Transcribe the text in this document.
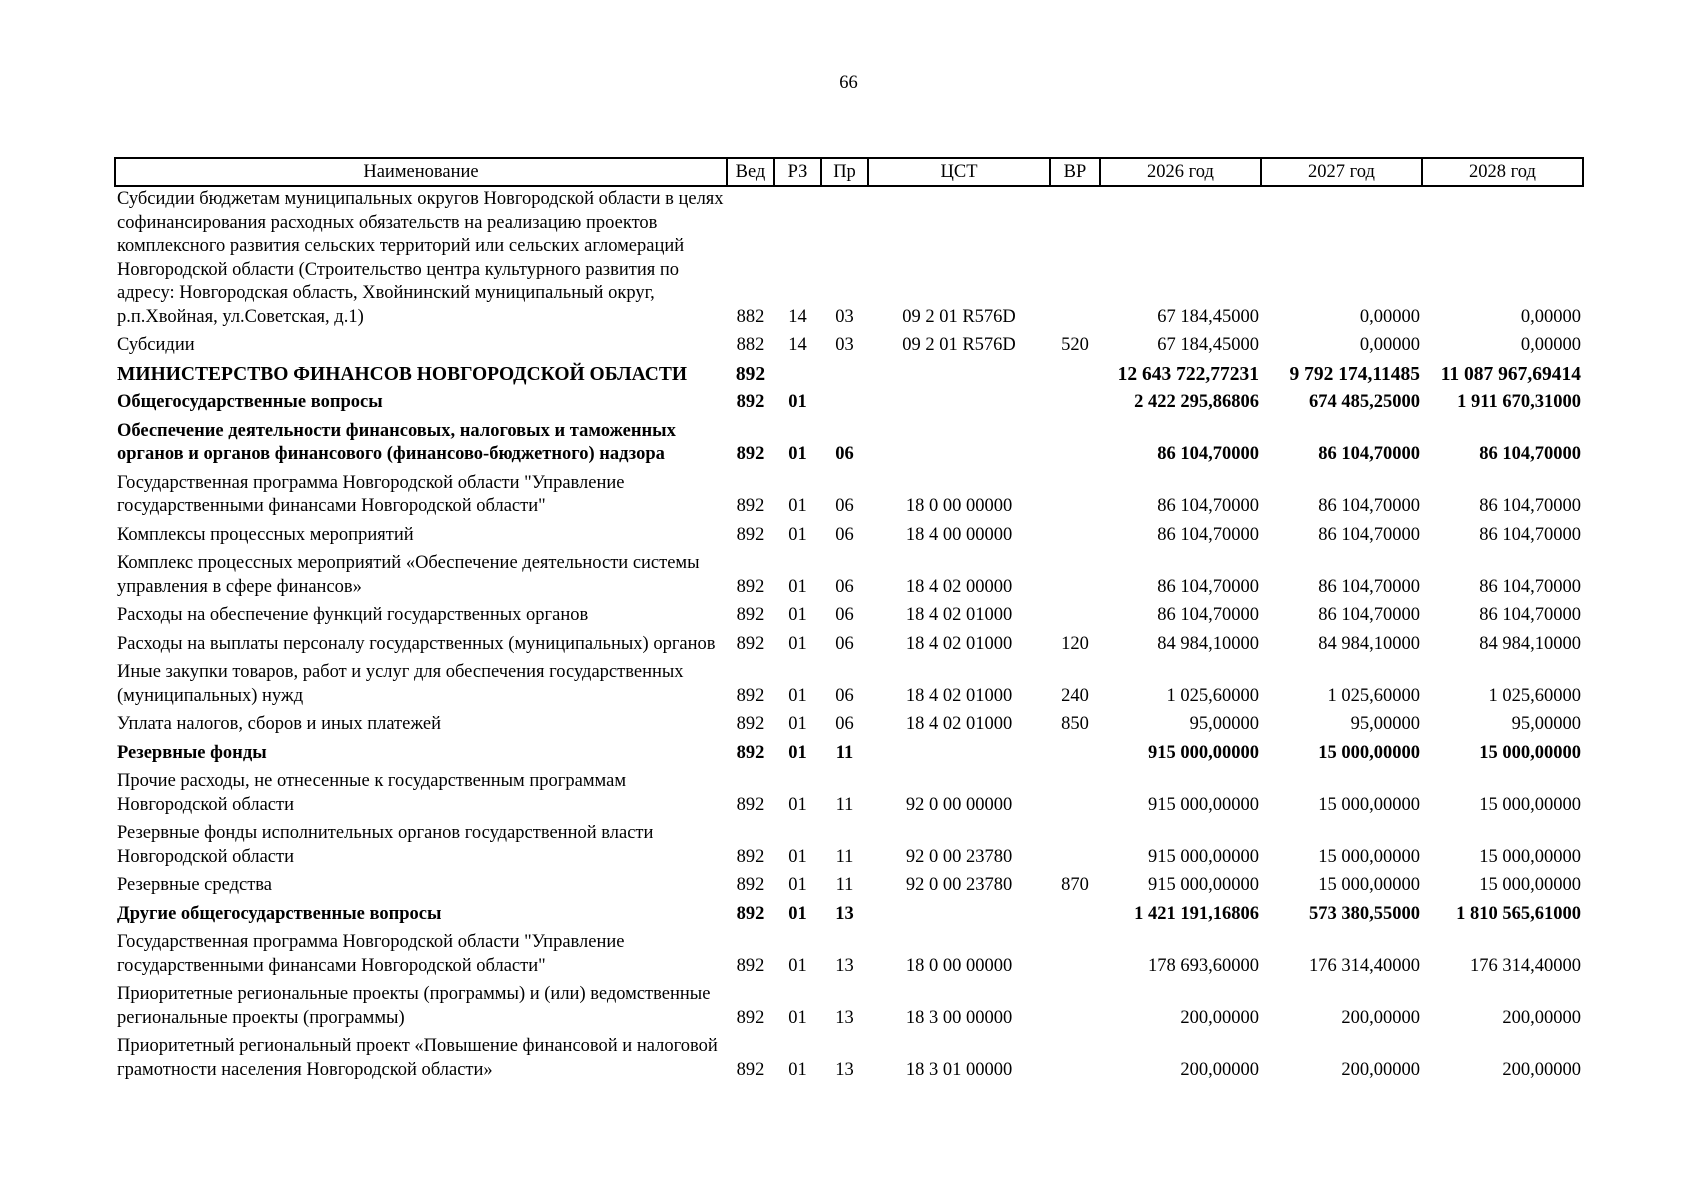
66
Наименование	Вед	РЗ	Пр	ЦСТ	ВР	2026 год	2027 год	2028 год
Субсидии бюджетам муниципальных округов Новгородской области в целях софинансирования расходных обязательств на реализацию проектов комплексного развития сельских территорий или сельских агломераций Новгородской области (Строительство центра культурного развития по адресу: Новгородская область, Хвойнинский муниципальный округ, р.п.Хвойная, ул.Советская, д.1)	882	14	03	09 2 01 R576D		67 184,45000	0,00000	0,00000
Субсидии	882	14	03	09 2 01 R576D	520	67 184,45000	0,00000	0,00000
МИНИСТЕРСТВО ФИНАНСОВ НОВГОРОДСКОЙ ОБЛАСТИ	892					12 643 722,77231	9 792 174,11485	11 087 967,69414
Общегосударственные вопросы	892	01				2 422 295,86806	674 485,25000	1 911 670,31000
Обеспечение деятельности финансовых, налоговых и таможенных органов и органов финансового (финансово-бюджетного) надзора	892	01	06			86 104,70000	86 104,70000	86 104,70000
Государственная программа Новгородской области "Управление государственными финансами Новгородской области"	892	01	06	18 0 00 00000		86 104,70000	86 104,70000	86 104,70000
Комплексы процессных мероприятий	892	01	06	18 4 00 00000		86 104,70000	86 104,70000	86 104,70000
Комплекс процессных мероприятий «Обеспечение деятельности системы управления в сфере финансов»	892	01	06	18 4 02 00000		86 104,70000	86 104,70000	86 104,70000
Расходы на обеспечение функций государственных органов	892	01	06	18 4 02 01000		86 104,70000	86 104,70000	86 104,70000
Расходы на выплаты персоналу государственных (муниципальных) органов	892	01	06	18 4 02 01000	120	84 984,10000	84 984,10000	84 984,10000
Иные закупки товаров, работ и услуг для обеспечения государственных (муниципальных) нужд	892	01	06	18 4 02 01000	240	1 025,60000	1 025,60000	1 025,60000
Уплата налогов, сборов и иных платежей	892	01	06	18 4 02 01000	850	95,00000	95,00000	95,00000
Резервные фонды	892	01	11			915 000,00000	15 000,00000	15 000,00000
Прочие расходы, не отнесенные к государственным программам Новгородской области	892	01	11	92 0 00 00000		915 000,00000	15 000,00000	15 000,00000
Резервные фонды исполнительных органов государственной власти Новгородской области	892	01	11	92 0 00 23780		915 000,00000	15 000,00000	15 000,00000
Резервные средства	892	01	11	92 0 00 23780	870	915 000,00000	15 000,00000	15 000,00000
Другие общегосударственные вопросы	892	01	13			1 421 191,16806	573 380,55000	1 810 565,61000
Государственная программа Новгородской области "Управление государственными финансами Новгородской области"	892	01	13	18 0 00 00000		178 693,60000	176 314,40000	176 314,40000
Приоритетные региональные проекты (программы) и (или) ведомственные региональные проекты (программы)	892	01	13	18 3 00 00000		200,00000	200,00000	200,00000
Приоритетный региональный проект «Повышение финансовой и налоговой грамотности населения Новгородской области»	892	01	13	18 3 01 00000		200,00000	200,00000	200,00000
